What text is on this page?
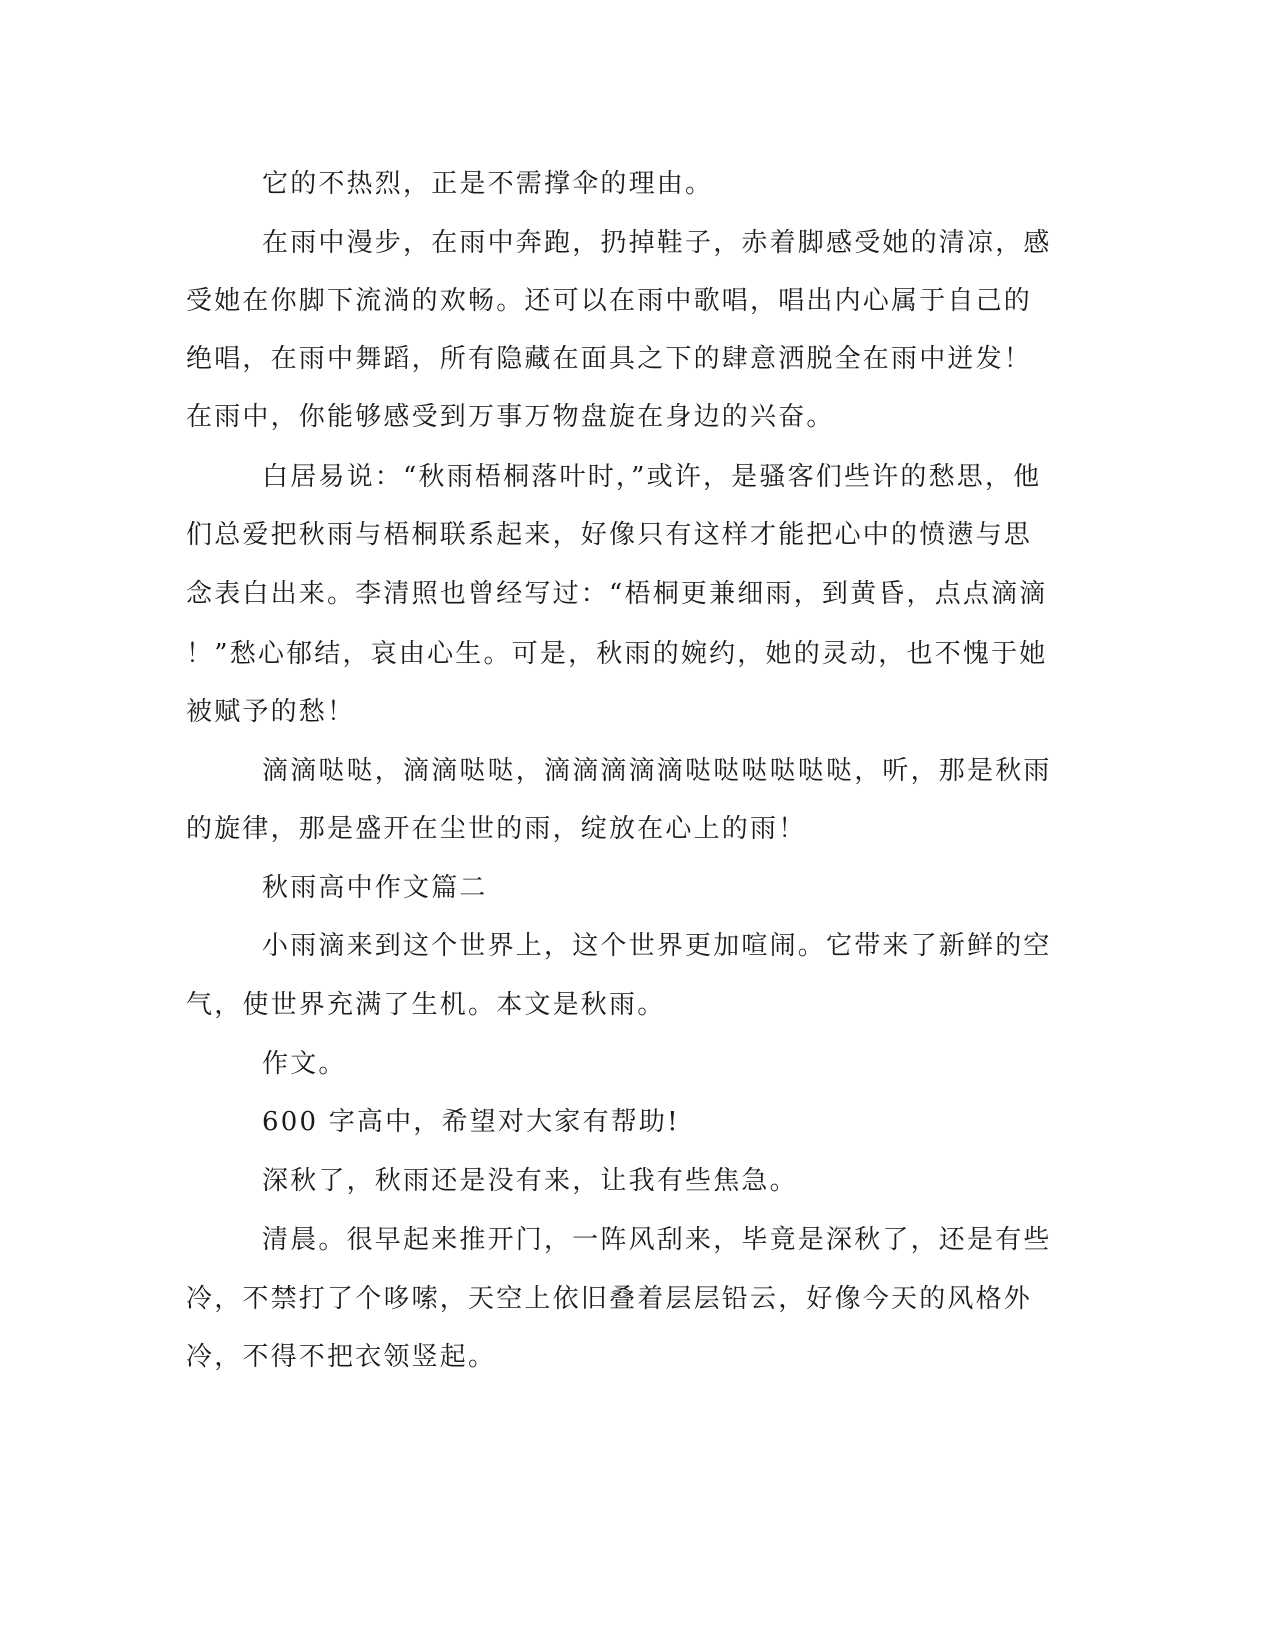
它的不热烈，正是不需撑伞的理由。
在雨中漫步，在雨中奔跑，扔掉鞋子，赤着脚感受她的清凉，感
受她在你脚下流淌的欢畅。还可以在雨中歌唱，唱出内心属于自己的
绝唱，在雨中舞蹈，所有隐藏在面具之下的肆意洒脱全在雨中迸发！
在雨中，你能够感受到万事万物盘旋在身边的兴奋。
白居易说：“秋雨梧桐落叶时，”或许，是骚客们些许的愁思，他
们总爱把秋雨与梧桐联系起来，好像只有这样才能把心中的愤懑与思
念表白出来。李清照也曾经写过：“梧桐更兼细雨，到黄昏，点点滴滴
！”愁心郁结，哀由心生。可是，秋雨的婉约，她的灵动，也不愧于她
被赋予的愁！
滴滴哒哒，滴滴哒哒，滴滴滴滴滴哒哒哒哒哒哒，听，那是秋雨
的旋律，那是盛开在尘世的雨，绽放在心上的雨！
秋雨高中作文篇二
小雨滴来到这个世界上，这个世界更加喧闹。它带来了新鲜的空
气，使世界充满了生机。本文是秋雨。
作文。
600 字高中，希望对大家有帮助!
深秋了，秋雨还是没有来，让我有些焦急。
清晨。很早起来推开门，一阵风刮来，毕竟是深秋了，还是有些
冷，不禁打了个哆嗦，天空上依旧叠着层层铅云，好像今天的风格外
冷，不得不把衣领竖起。
